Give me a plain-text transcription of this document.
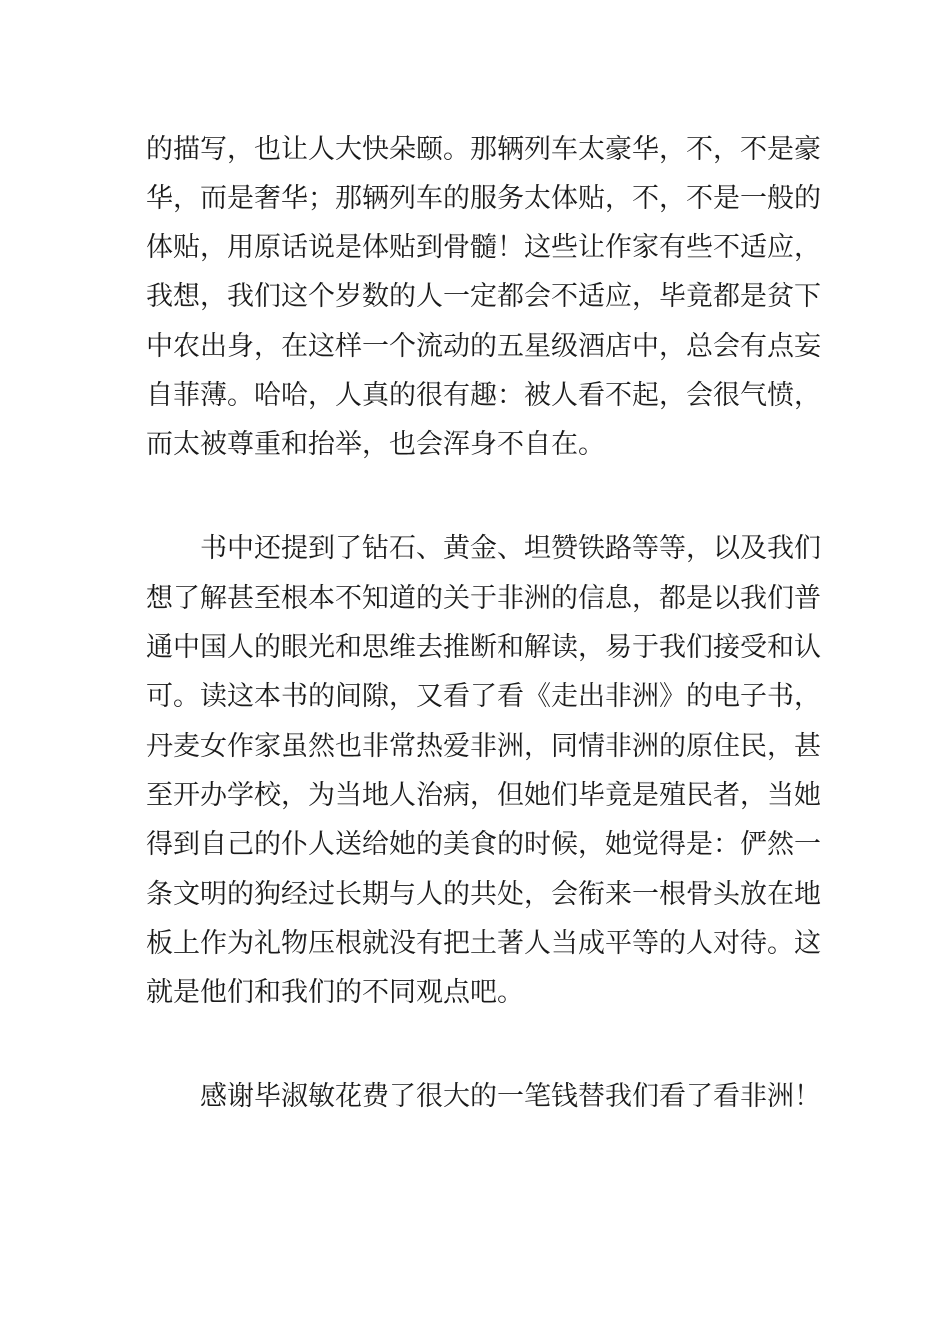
的描写，也让人大快朵颐。那辆列车太豪华，不，不是豪
华，而是奢华；那辆列车的服务太体贴，不，不是一般的
体贴，用原话说是体贴到骨髓！这些让作家有些不适应，
我想，我们这个岁数的人一定都会不适应，毕竟都是贫下
中农出身，在这样一个流动的五星级酒店中，总会有点妄
自菲薄。哈哈，人真的很有趣：被人看不起，会很气愤，
而太被尊重和抬举，也会浑身不自在。
书中还提到了钻石、黄金、坦赞铁路等等，以及我们
想了解甚至根本不知道的关于非洲的信息，都是以我们普
通中国人的眼光和思维去推断和解读，易于我们接受和认
可。读这本书的间隙，又看了看《走出非洲》的电子书，
丹麦女作家虽然也非常热爱非洲，同情非洲的原住民，甚
至开办学校，为当地人治病，但她们毕竟是殖民者，当她
得到自己的仆人送给她的美食的时候，她觉得是：俨然一
条文明的狗经过长期与人的共处，会衔来一根骨头放在地
板上作为礼物压根就没有把土著人当成平等的人对待。这
就是他们和我们的不同观点吧。
感谢毕淑敏花费了很大的一笔钱替我们看了看非洲！
